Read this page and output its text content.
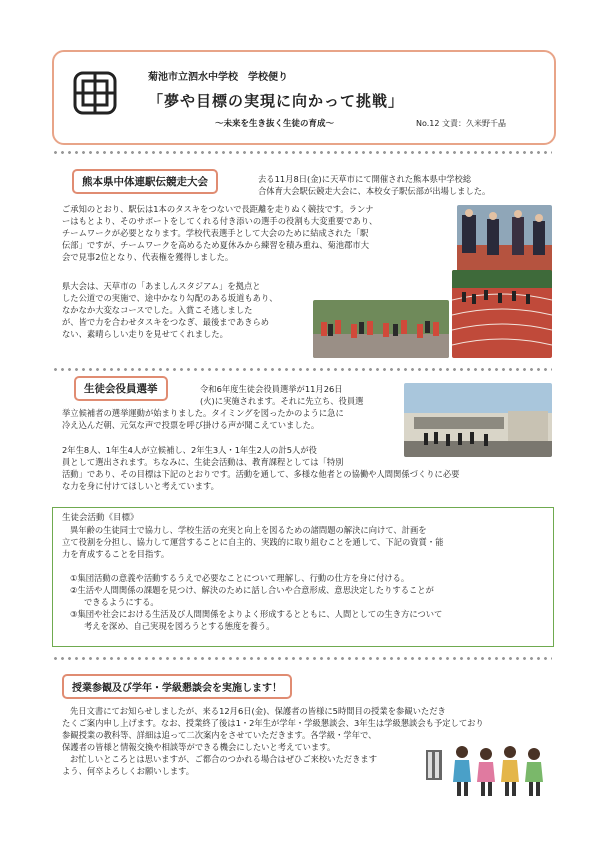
菊池市立泗水中学校　学校便り
「夢や目標の実現に向かって挑戦」
～未来を生き抜く生徒の育成～	No.12 文責：久米野千晶
熊本県中体連駅伝競走大会	去る11月8日(金)に天草市にて開催された熊本県中学校総

合体育大会駅伝競走大会に、本校女子駅伝部が出場しました。

ご承知のとおり、駅伝は1本のタスキをつないで長距離を走りぬく競技です。ランナ

ーはもとより、そのサポートをしてくれる付き添いの選手の役割も大変重要であり、

チームワークが必要となります。学校代表選手として大会のために結成された「駅

伝部」ですが、チームワークを高めるため夏休みから練習を積み重ね、菊池郡市大

会で見事2位となり、代表権を獲得しました。

県大会は、天草市の「あましんスタジアム」を拠点と

した公道での実施で、途中かなり勾配のある坂道もあり、

なかなか大変なコースでした。入賞こそ逃しました

が、皆で力を合わせタスキをつなぎ、最後まであきらめ

ない、素晴らしい走りを見せてくれました。

生徒会役員選挙	令和6年度生徒会役員選挙が11月26日

(火)に実施されます。それに先立ち、役員選

挙立候補者の選挙運動が始まりました。タイミングを図ったかのように急に

冷え込んだ朝、元気な声で投票を呼び掛ける声が聞こえていました。

2年生8人、1年生4人が立候補し、2年生3人・1年生2人の計5人が役

員として選出されます。ちなみに、生徒会活動は、教育課程としては「特別

活動」であり、その目標は下記のとおりです。活動を通して、多様な他者との協働や人間関係づくりに必要

な力を身に付けてほしいと考えています。

生徒会活動《目標》

異年齢の生徒同士で協力し、学校生活の充実と向上を図るための諸問題の解決に向けて、計画を

立て役割を分担し、協力して運営することに自主的、実践的に取り組むことを通して、下記の資質・能

力を育成することを目指す。

①集団活動の意義や活動するうえで必要なことについて理解し、行動の仕方を身に付ける。
②生活や人間関係の課題を見つけ、解決のために話し合いや合意形成、意思決定したりすることが
できるようにする。
③集団や社会における生活及び人間関係をよりよく形成するとともに、人間としての生き方について
考えを深め、自己実現を図ろうとする態度を養う。
授業参観及び学年・学級懇談会を実施します！

先日文書にてお知らせしましたが、来る12月6日(金)、保護者の皆様に5時間目の授業を参観いただき

たくご案内申し上げます。なお、授業終了後は1・2年生が学年・学級懇談会、3年生は学級懇談会も予定しており

参観授業の教科等、詳細は追って二次案内をさせていただきます。各学級・学年で、

保護者の皆様と情報交換や相談等ができる機会にしたいと考えています。

お忙しいところとは思いますが、ご都合のつかれる場合はぜひご来校いただきます

よう、何卒よろしくお願いします。
